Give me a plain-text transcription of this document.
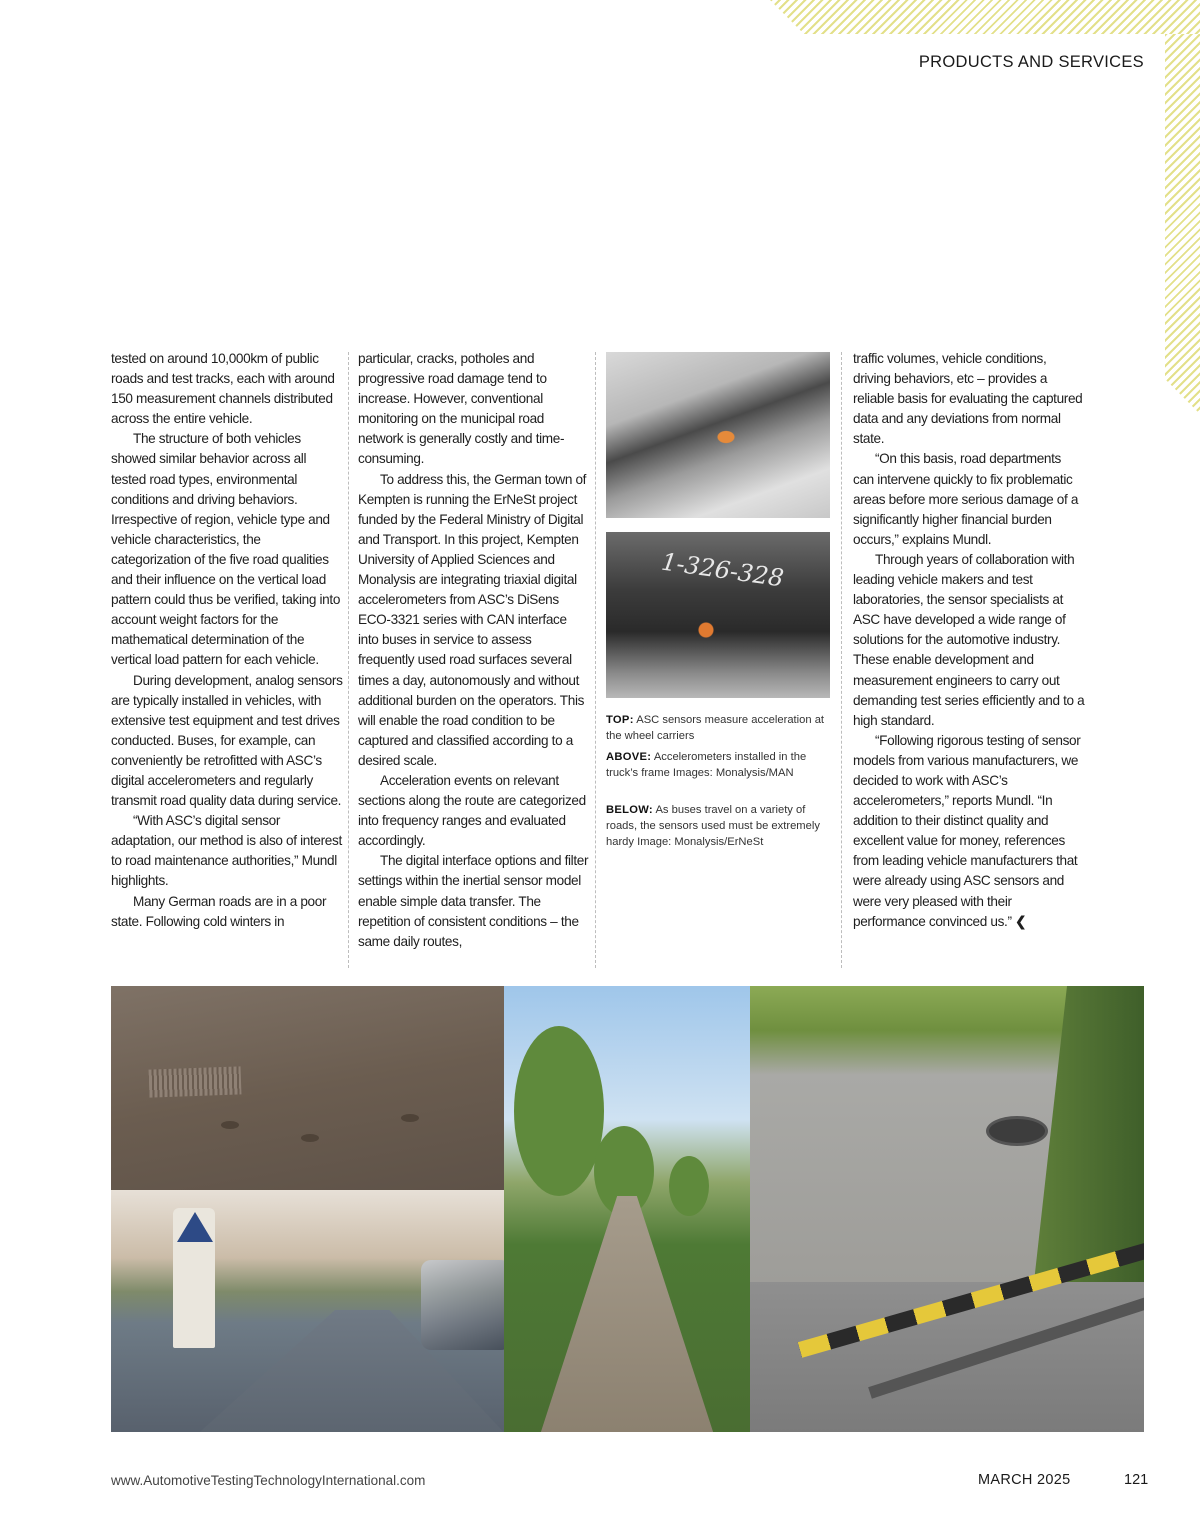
PRODUCTS AND SERVICES

tested on around 10,000km of public roads and test tracks, each with around 150 measurement channels distributed across the entire vehicle.

The structure of both vehicles showed similar behavior across all tested road types, environmental conditions and driving behaviors. Irrespective of region, vehicle type and vehicle characteristics, the categorization of the five road qualities and their influence on the vertical load pattern could thus be verified, taking into account weight factors for the mathematical determination of the vertical load pattern for each vehicle.

During development, analog sensors are typically installed in vehicles, with extensive test equipment and test drives conducted. Buses, for example, can conveniently be retrofitted with ASC’s digital accelerometers and regularly transmit road quality data during service.

“With ASC’s digital sensor adaptation, our method is also of interest to road maintenance authorities,” Mundl highlights.

Many German roads are in a poor state. Following cold winters in

particular, cracks, potholes and progressive road damage tend to increase. However, conventional monitoring on the municipal road network is generally costly and time-consuming.

To address this, the German town of Kempten is running the ErNeSt project funded by the Federal Ministry of Digital and Transport. In this project, Kempten University of Applied Sciences and Monalysis are integrating triaxial digital accelerometers from ASC’s DiSens ECO-3321 series with CAN interface into buses in service to assess frequently used road surfaces several times a day, autonomously and without additional burden on the operators. This will enable the road condition to be captured and classified according to a desired scale.

Acceleration events on relevant sections along the route are categorized into frequency ranges and evaluated accordingly.

The digital interface options and filter settings within the inertial sensor model enable simple data transfer. The repetition of consistent conditions – the same daily routes,

1-326-328
TOP: ASC sensors measure acceleration at the wheel carriers
ABOVE: Accelerometers installed in the truck’s frame Images: Monalysis/MAN
BELOW: As buses travel on a variety of roads, the sensors used must be extremely hardy Image: Monalysis/ErNeSt

traffic volumes, vehicle conditions, driving behaviors, etc – provides a reliable basis for evaluating the captured data and any deviations from normal state.

“On this basis, road departments can intervene quickly to fix problematic areas before more serious damage of a significantly higher financial burden occurs,” explains Mundl.

Through years of collaboration with leading vehicle makers and test laboratories, the sensor specialists at ASC have developed a wide range of solutions for the automotive industry. These enable development and measurement engineers to carry out demanding test series efficiently and to a high standard.

“Following rigorous testing of sensor models from various manufacturers, we decided to work with ASC’s accelerometers,” reports Mundl. “In addition to their distinct quality and excellent value for money, references from leading vehicle manufacturers that were already using ASC sensors and were very pleased with their performance convinced us.” ❮

www.AutomotiveTestingTechnologyInternational.com	MARCH 2025	121
